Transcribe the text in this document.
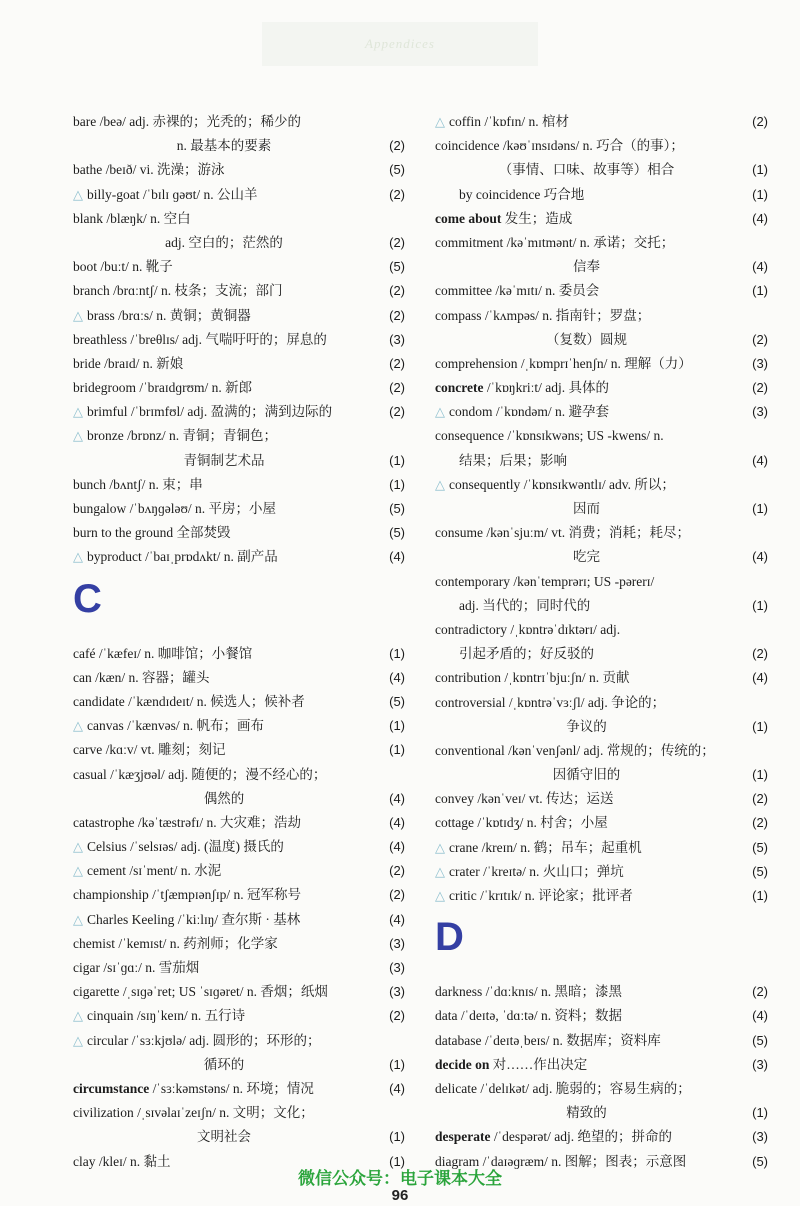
Appendices
bare /beə/ adj. 赤裸的；光秃的；稀少的
n. 最基本的要素	(2)
bathe /beɪð/ vi. 洗澡；游泳	(5)
△ billy-goat /ˈbɪlɪ ɡəʊt/ n. 公山羊	(2)
blank /blæŋk/ n. 空白
adj. 空白的；茫然的	(2)
boot /buːt/ n. 靴子	(5)
branch /brɑːntʃ/ n. 枝条；支流；部门	(2)
△ brass /brɑːs/ n. 黄铜；黄铜器	(2)
breathless /ˈbreθlɪs/ adj. 气喘吁吁的；屏息的	(3)
bride /braɪd/ n. 新娘	(2)
bridegroom /ˈbraɪdɡrʊm/ n. 新郎	(2)
△ brimful /ˈbrɪmfʊl/ adj. 盈满的；满到边际的	(2)
△ bronze /brɒnz/ n. 青铜；青铜色；
青铜制艺术品	(1)
bunch /bʌntʃ/ n. 束；串	(1)
bungalow /ˈbʌŋɡələʊ/ n. 平房；小屋	(5)
burn to the ground 全部焚毁	(5)
△ byproduct /ˈbaɪˌprɒdʌkt/ n. 副产品	(4)
C
café /ˈkæfeɪ/ n. 咖啡馆；小餐馆	(1)
can /kæn/ n. 容器；罐头	(4)
candidate /ˈkændɪdeɪt/ n. 候选人；候补者	(5)
△ canvas /ˈkænvəs/ n. 帆布；画布	(1)
carve /kɑːv/ vt. 雕刻；刻记	(1)
casual /ˈkæʒjʊəl/ adj. 随便的；漫不经心的；
偶然的	(4)
catastrophe /kəˈtæstrəfɪ/ n. 大灾难；浩劫	(4)
△ Celsius /ˈselsɪəs/ adj. (温度) 摄氏的	(4)
△ cement /sɪˈment/ n. 水泥	(2)
championship /ˈtʃæmpɪənʃɪp/ n. 冠军称号	(2)
△ Charles Keeling /ˈkiːlɪŋ/ 查尔斯 · 基林	(4)
chemist /ˈkemɪst/ n. 药剂师；化学家	(3)
cigar /sɪˈɡɑː/ n. 雪茄烟	(3)
cigarette /ˌsɪɡəˈret; US ˈsɪɡəret/ n. 香烟；纸烟	(3)
△ cinquain /sɪŋˈkeɪn/ n. 五行诗	(2)
△ circular /ˈsɜːkjʊlə/ adj. 圆形的；环形的；
循环的	(1)
circumstance /ˈsɜːkəmstəns/ n. 环境；情况	(4)
civilization /ˌsɪvəlaɪˈzeɪʃn/ n. 文明；文化；
文明社会	(1)
clay /kleɪ/ n. 黏土	(1)
△ coffin /ˈkɒfɪn/ n. 棺材	(2)
coincidence /kəʊˈɪnsɪdəns/ n. 巧合（的事）；
（事情、口味、故事等）相合	(1)
by coincidence 巧合地	(1)
come about 发生；造成	(4)
commitment /kəˈmɪtmənt/ n. 承诺；交托；
信奉	(4)
committee /kəˈmɪtɪ/ n. 委员会	(1)
compass /ˈkʌmpəs/ n. 指南针；罗盘；
（复数）圆规	(2)
comprehension /ˌkɒmprɪˈhenʃn/ n. 理解（力）	(3)
concrete /ˈkɒŋkriːt/ adj. 具体的	(2)
△ condom /ˈkɒndəm/ n. 避孕套	(3)
consequence /ˈkɒnsɪkwəns; US -kwens/ n.
结果；后果；影响	(4)
△ consequently /ˈkɒnsɪkwəntlɪ/ adv. 所以；
因而	(1)
consume /kənˈsjuːm/ vt. 消费；消耗；耗尽；
吃完	(4)
contemporary /kənˈtemprərɪ; US -pərerɪ/
adj. 当代的；同时代的	(1)
contradictory /ˌkɒntrəˈdɪktərɪ/ adj.
引起矛盾的；好反驳的	(2)
contribution /ˌkɒntrɪˈbjuːʃn/ n. 贡献	(4)
controversial /ˌkɒntrəˈvɜːʃl/ adj. 争论的；
争议的	(1)
conventional /kənˈvenʃənl/ adj. 常规的；传统的；
因循守旧的	(1)
convey /kənˈveɪ/ vt. 传达；运送	(2)
cottage /ˈkɒtɪdʒ/ n. 村舍；小屋	(2)
△ crane /kreɪn/ n. 鹤；吊车；起重机	(5)
△ crater /ˈkreɪtə/ n. 火山口；弹坑	(5)
△ critic /ˈkrɪtɪk/ n. 评论家；批评者	(1)
D
darkness /ˈdɑːknɪs/ n. 黑暗；漆黑	(2)
data /ˈdeɪtə, ˈdɑːtə/ n. 资料；数据	(4)
database /ˈdeɪtəˌbeɪs/ n. 数据库；资料库	(5)
decide on 对……作出决定	(3)
delicate /ˈdelɪkət/ adj. 脆弱的；容易生病的；
精致的	(1)
desperate /ˈdespərət/ adj. 绝望的；拼命的	(3)
diagram /ˈdaɪəɡræm/ n. 图解；图表；示意图	(5)
微信公众号：电子课本大全
96
